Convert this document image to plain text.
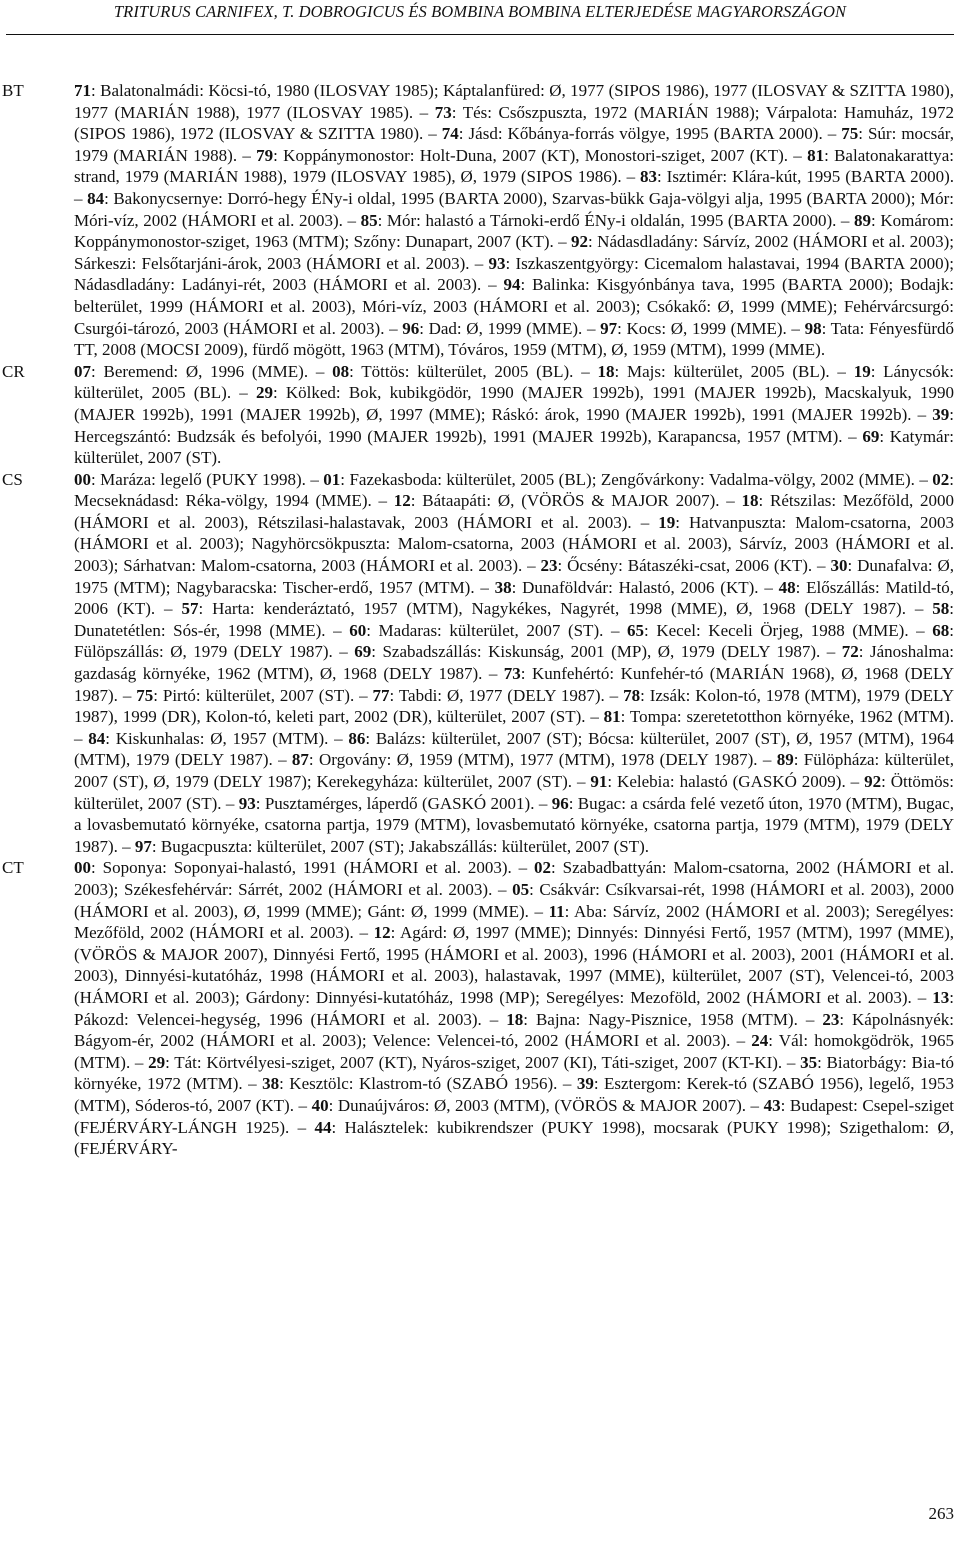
TRITURUS CARNIFEX, T. DOBROGICUS ÉS BOMBINA BOMBINA ELTERJEDÉSE MAGYARORSZÁGON
BT	71: Balatonalmádi: Köcsi-tó, 1980 (ILOSVAY 1985); Káptalanfüred: Ø, 1977 (SIPOS 1986), 1977 (ILOSVAY & SZITTA 1980), 1977 (MARIÁN 1988), 1977 (ILOSVAY 1985). – 73: Tés: Csőszpuszta, 1972 (MARIÁN 1988); Várpalota: Hamuház, 1972 (SIPOS 1986), 1972 (ILOSVAY & SZITTA 1980). – 74: Jásd: Kőbánya-forrás völgye, 1995 (BARTA 2000). – 75: Súr: mocsár, 1979 (MARIÁN 1988). – 79: Koppánymonostor: Holt-Duna, 2007 (KT), Monostori-sziget, 2007 (KT). – 81: Balatonakarattya: strand, 1979 (MARIÁN 1988), 1979 (ILOSVAY 1985), Ø, 1979 (SIPOS 1986). – 83: Isztimér: Klára-kút, 1995 (BARTA 2000). – 84: Bakonycsernye: Dorró-hegy ÉNy-i oldal, 1995 (BARTA 2000), Szarvas-bükk Gaja-völgyi alja, 1995 (BARTA 2000); Mór: Móri-víz, 2002 (HÁMORI et al. 2003). – 85: Mór: halastó a Tárnoki-erdő ÉNy-i oldalán, 1995 (BARTA 2000). – 89: Komárom: Koppánymonostor-sziget, 1963 (MTM); Szőny: Dunapart, 2007 (KT). – 92: Nádasdladány: Sárvíz, 2002 (HÁMORI et al. 2003); Sárkeszi: Felsőtarjáni-árok, 2003 (HÁMORI et al. 2003). – 93: Iszkaszentgyörgy: Cicemalom halastavai, 1994 (BARTA 2000); Nádasdladány: Ladányi-rét, 2003 (HÁMORI et al. 2003). – 94: Balinka: Kisgyónbánya tava, 1995 (BARTA 2000); Bodajk: belterület, 1999 (HÁMORI et al. 2003), Móri-víz, 2003 (HÁMORI et al. 2003); Csókakő: Ø, 1999 (MME); Fehérvárcsurgó: Csurgói-tározó, 2003 (HÁMORI et al. 2003). – 96: Dad: Ø, 1999 (MME). – 97: Kocs: Ø, 1999 (MME). – 98: Tata: Fényesfürdő TT, 2008 (MOCSI 2009), fürdő mögött, 1963 (MTM), Tóváros, 1959 (MTM), Ø, 1959 (MTM), 1999 (MME).
CR	07: Beremend: Ø, 1996 (MME). – 08: Töttös: külterület, 2005 (BL). – 18: Majs: külterület, 2005 (BL). – 19: Lánycsók: külterület, 2005 (BL). – 29: Kölked: Bok, kubikgödör, 1990 (MAJER 1992b), 1991 (MAJER 1992b), Macskalyuk, 1990 (MAJER 1992b), 1991 (MAJER 1992b), Ø, 1997 (MME); Ráskó: árok, 1990 (MAJER 1992b), 1991 (MAJER 1992b). – 39: Hercegszántó: Budzsák és befolyói, 1990 (MAJER 1992b), 1991 (MAJER 1992b), Karapancsa, 1957 (MTM). – 69: Katymár: külterület, 2007 (ST).
CS	00: Maráza: legelő (PUKY 1998). – 01: Fazekasboda: külterület, 2005 (BL); Zengővárkony: Vadalma-völgy, 2002 (MME). – 02: Mecseknádasd: Réka-völgy, 1994 (MME). – 12: Bátaapáti: Ø, (VÖRÖS & MAJOR 2007). – 18: Rétszilas: Mezőföld, 2000 (HÁMORI et al. 2003), Rétszilasi-halastavak, 2003 (HÁMORI et al. 2003). – 19: Hatvanpuszta: Malom-csatorna, 2003 (HÁMORI et al. 2003); Nagyhörcsökpuszta: Malom-csatorna, 2003 (HÁMORI et al. 2003), Sárvíz, 2003 (HÁMORI et al. 2003); Sárhatvan: Malom-csatorna, 2003 (HÁMORI et al. 2003). – 23: Őcsény: Bátaszéki-csat, 2006 (KT). – 30: Dunafalva: Ø, 1975 (MTM); Nagybaracska: Tischer-erdő, 1957 (MTM). – 38: Dunaföldvár: Halastó, 2006 (KT). – 48: Előszállás: Matild-tó, 2006 (KT). – 57: Harta: kenderáztató, 1957 (MTM), Nagykékes, Nagyrét, 1998 (MME), Ø, 1968 (DELY 1987). – 58: Dunatetétlen: Sós-ér, 1998 (MME). – 60: Madaras: külterület, 2007 (ST). – 65: Kecel: Keceli Örjeg, 1988 (MME). – 68: Fülöpszállás: Ø, 1979 (DELY 1987). – 69: Szabadszállás: Kiskunság, 2001 (MP), Ø, 1979 (DELY 1987). – 72: Jánoshalma: gazdaság környéke, 1962 (MTM), Ø, 1968 (DELY 1987). – 73: Kunfehértó: Kunfehér-tó (MARIÁN 1968), Ø, 1968 (DELY 1987). – 75: Pirtó: külterület, 2007 (ST). – 77: Tabdi: Ø, 1977 (DELY 1987). – 78: Izsák: Kolon-tó, 1978 (MTM), 1979 (DELY 1987), 1999 (DR), Kolon-tó, keleti part, 2002 (DR), külterület, 2007 (ST). – 81: Tompa: szeretetotthon környéke, 1962 (MTM). – 84: Kiskunhalas: Ø, 1957 (MTM). – 86: Balázs: külterület, 2007 (ST); Bócsa: külterület, 2007 (ST), Ø, 1957 (MTM), 1964 (MTM), 1979 (DELY 1987). – 87: Orgovány: Ø, 1959 (MTM), 1977 (MTM), 1978 (DELY 1987). – 89: Fülöpháza: külterület, 2007 (ST), Ø, 1979 (DELY 1987); Kerekegyháza: külterület, 2007 (ST). – 91: Kelebia: halastó (GASKÓ 2009). – 92: Öttömös: külterület, 2007 (ST). – 93: Pusztamérges, láperdő (GASKÓ 2001). – 96: Bugac: a csárda felé vezető úton, 1970 (MTM), Bugac, a lovasbemutató környéke, csatorna partja, 1979 (MTM), lovasbemutató környéke, csatorna partja, 1979 (MTM), 1979 (DELY 1987). – 97: Bugacpuszta: külterület, 2007 (ST); Jakabszállás: külterület, 2007 (ST).
CT	00: Soponya: Soponyai-halastó, 1991 (HÁMORI et al. 2003). – 02: Szabadbattyán: Malom-csatorna, 2002 (HÁMORI et al. 2003); Székesfehérvár: Sárrét, 2002 (HÁMORI et al. 2003). – 05: Csákvár: Csíkvarsai-rét, 1998 (HÁMORI et al. 2003), 2000 (HÁMORI et al. 2003), Ø, 1999 (MME); Gánt: Ø, 1999 (MME). – 11: Aba: Sárvíz, 2002 (HÁMORI et al. 2003); Seregélyes: Mezőföld, 2002 (HÁMORI et al. 2003). – 12: Agárd: Ø, 1997 (MME); Dinnyés: Dinnyési Fertő, 1957 (MTM), 1997 (MME), (VÖRÖS & MAJOR 2007), Dinnyési Fertő, 1995 (HÁMORI et al. 2003), 1996 (HÁMORI et al. 2003), 2001 (HÁMORI et al. 2003), Dinnyési-kutatóház, 1998 (HÁMORI et al. 2003), halastavak, 1997 (MME), külterület, 2007 (ST), Velencei-tó, 2003 (HÁMORI et al. 2003); Gárdony: Dinnyési-kutatóház, 1998 (MP); Seregélyes: Mezoföld, 2002 (HÁMORI et al. 2003). – 13: Pákozd: Velencei-hegység, 1996 (HÁMORI et al. 2003). – 18: Bajna: Nagy-Pisznice, 1958 (MTM). – 23: Kápolnásnyék: Bágyom-ér, 2002 (HÁMORI et al. 2003); Velence: Velencei-tó, 2002 (HÁMORI et al. 2003). – 24: Vál: homokgödrök, 1965 (MTM). – 29: Tát: Körtvélyesi-sziget, 2007 (KT), Nyáros-sziget, 2007 (KI), Táti-sziget, 2007 (KT-KI). – 35: Biatorbágy: Bia-tó környéke, 1972 (MTM). – 38: Kesztölc: Klastrom-tó (SZABÓ 1956). – 39: Esztergom: Kerek-tó (SZABÓ 1956), legelő, 1953 (MTM), Sóderos-tó, 2007 (KT). – 40: Dunaújváros: Ø, 2003 (MTM), (VÖRÖS & MAJOR 2007). – 43: Budapest: Csepel-sziget (FEJÉRVÁRY-LÁNGH 1925). – 44: Halásztelek: kubikrendszer (PUKY 1998), mocsarak (PUKY 1998); Szigethalom: Ø, (FEJÉRVÁRY-
263
